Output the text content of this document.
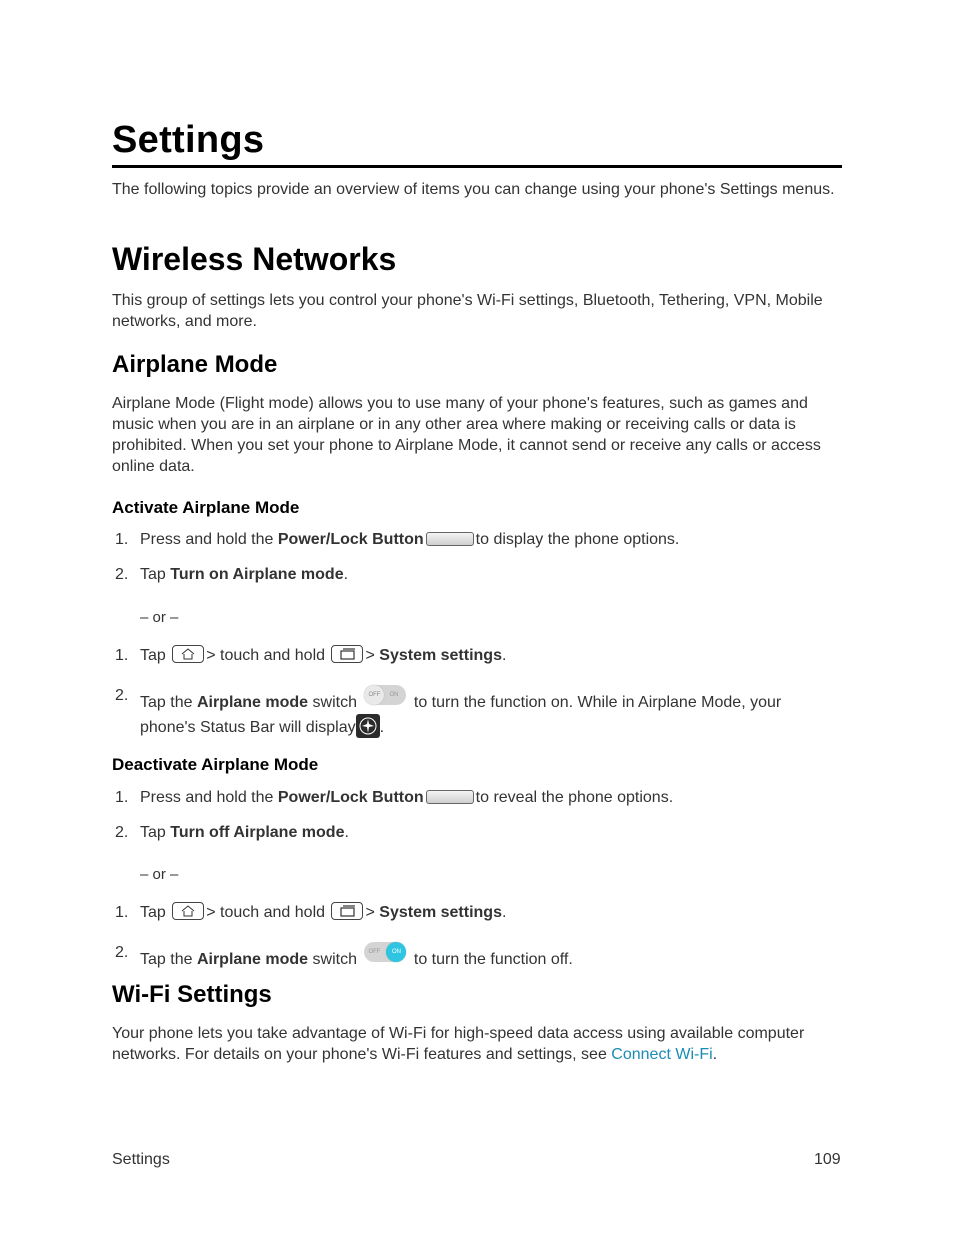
Settings

The following topics provide an overview of items you can change using your phone's Settings menus.

Wireless Networks

This group of settings lets you control your phone's Wi-Fi settings, Bluetooth, Tethering, VPN, Mobile networks, and more.

Airplane Mode

Airplane Mode (Flight mode) allows you to use many of your phone's features, such as games and music when you are in an airplane or in any other area where making or receiving calls or data is prohibited. When you set your phone to Airplane Mode, it cannot send or receive any calls or access online data.

Activate Airplane Mode
1. Press and hold the Power/Lock Button	to display the phone options.
2. Tap Turn on Airplane mode.
– or –
1. Tap	> touch and hold	> System settings.
2. Tap the Airplane mode switch	OFF	ON to turn the function on. While in Airplane Mode, your
phone's Status Bar will display .
Deactivate Airplane Mode
1. Press and hold the Power/Lock Button	to reveal the phone options.
2. Tap Turn off Airplane mode.
– or –
1. Tap	> touch and hold	> System settings.
2. Tap the Airplane mode switch OFF	ON to turn the function off.
Wi-Fi Settings

Your phone lets you take advantage of Wi-Fi for high-speed data access using available computer
networks. For details on your phone's Wi-Fi features and settings, see Connect Wi-Fi.

Settings	109
